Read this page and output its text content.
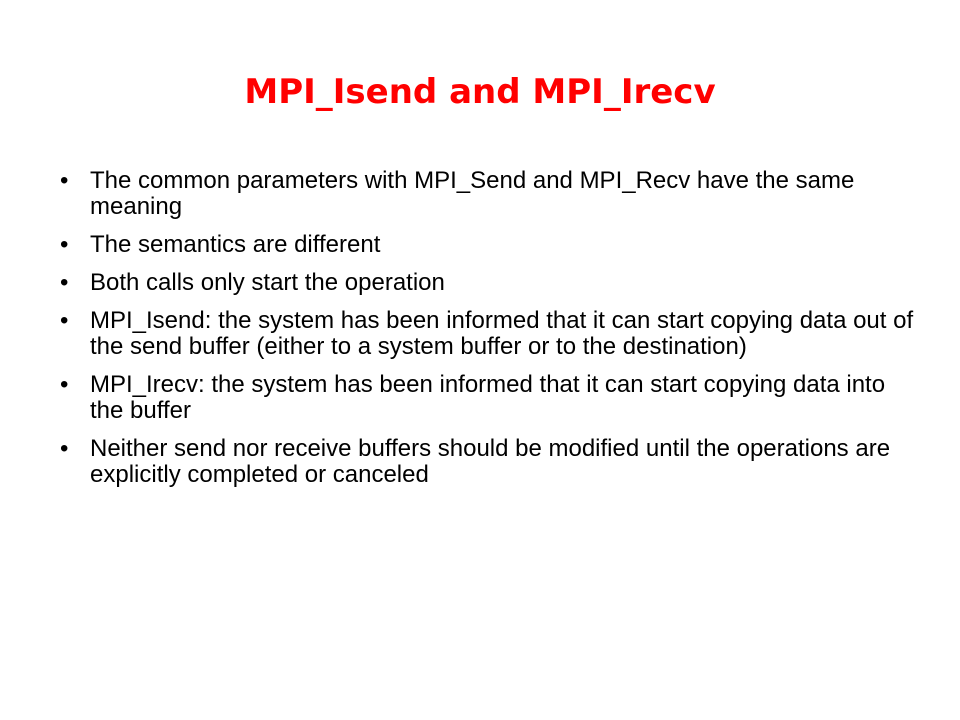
MPI_Isend and MPI_Irecv
• The common parameters with MPI_Send and MPI_Recv have the same meaning
• The semantics are different
• Both calls only start the operation
• MPI_Isend: the system has been informed that it can start copying data out of the send buffer (either to a system buffer or to the destination)
• MPI_Irecv: the system has been informed that it can start copying data into the buffer
• Neither send nor receive buffers should be modified until the operations are explicitly completed or canceled
